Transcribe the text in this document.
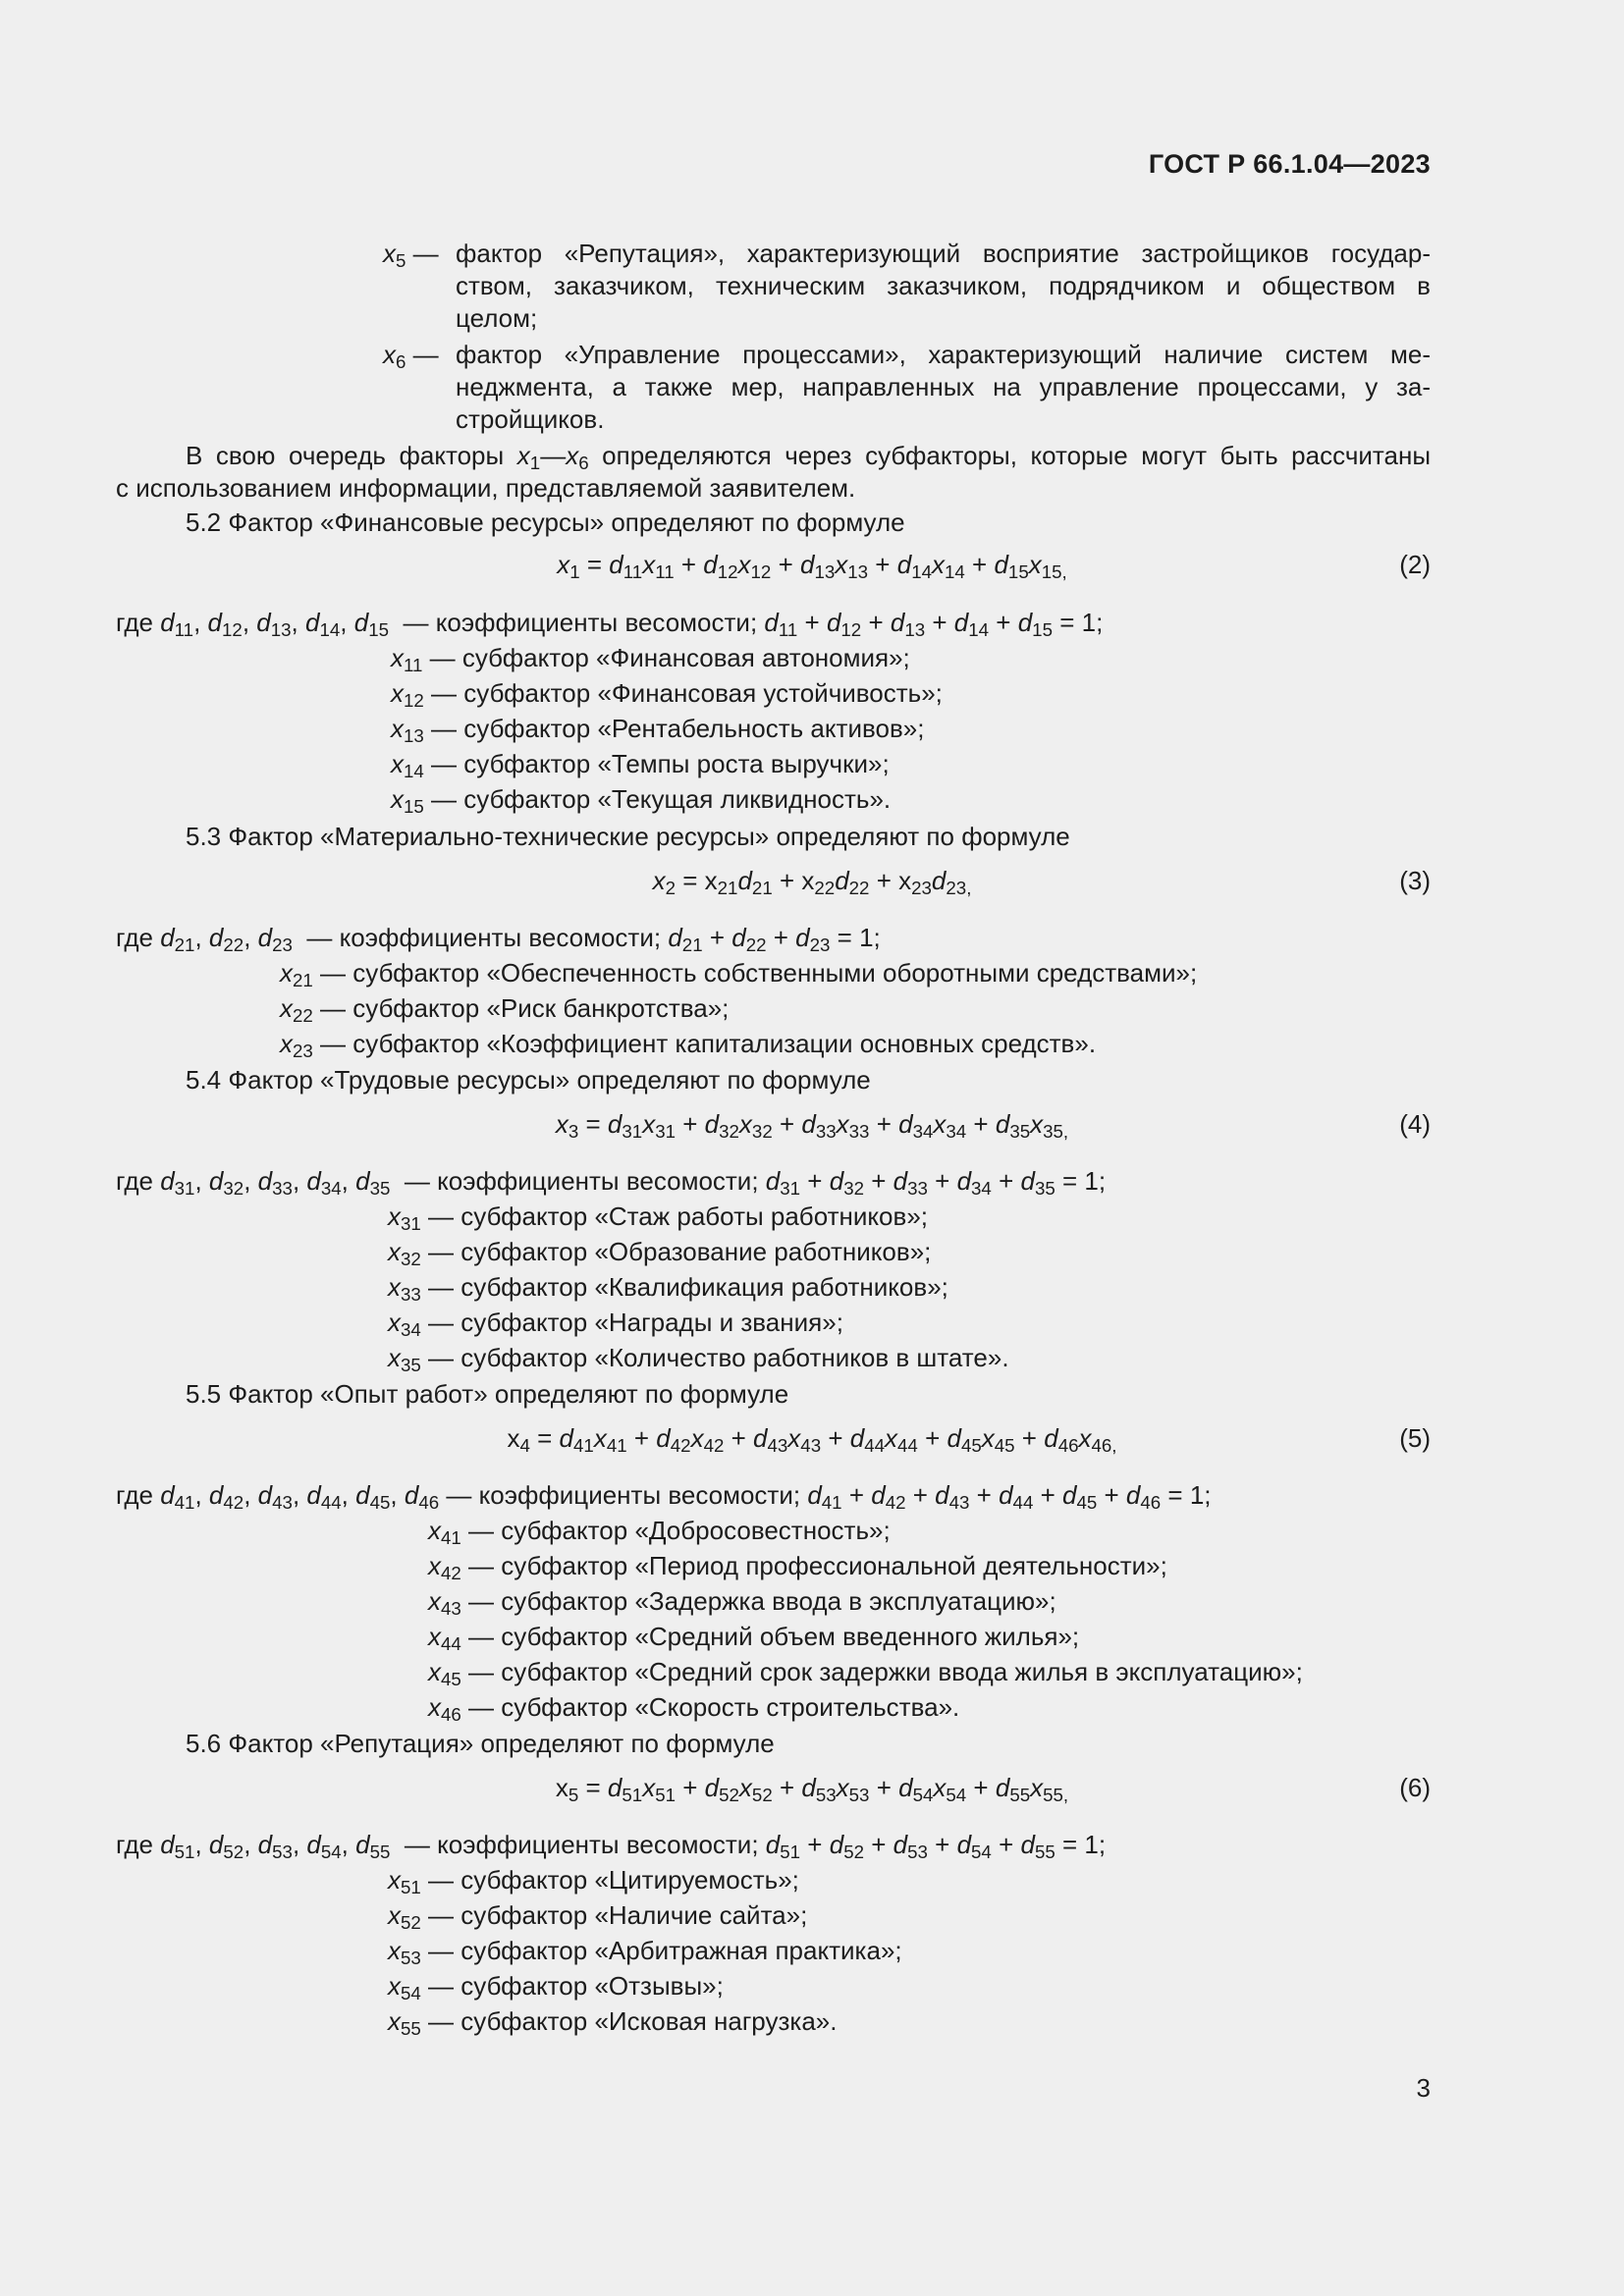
ГОСТ Р 66.1.04—2023
$x_5$ — фактор «Репутация», характеризующий восприятие застройщиков государ-
ством, заказчиком, техническим заказчиком, подрядчиком и обществом в
целом;
$x_6$ — фактор «Управление процессами», характеризующий наличие систем ме-
неджмента, а также мер, направленных на управление процессами, у за-
стройщиков.
В свою очередь факторы $x_1—x_6$ определяются через субфакторы, которые могут быть рассчитаны
с использованием информации, представляемой заявителем.
5.2 Фактор «Финансовые ресурсы» определяют по формуле
$x_1 = d_{11}x_{11} + d_{12}x_{12} + d_{13}x_{13} + d_{14}x_{14} + d_{15}x_{15,}$	(2)
где $d_{11}$, $d_{12}$, $d_{13}$, $d_{14}$, $d_{15}$ — коэффициенты весомости; $d_{11} + d_{12} + d_{13} + d_{14} + d_{15} = 1$;
$x_{11}$ — субфактор «Финансовая автономия»;
$x_{12}$ — субфактор «Финансовая устойчивость»;
$x_{13}$ — субфактор «Рентабельность активов»;
$x_{14}$ — субфактор «Темпы роста выручки»;
$x_{15}$ — субфактор «Текущая ликвидность».
5.3 Фактор «Материально-технические ресурсы» определяют по формуле
$x_2 = x_{21}d_{21} + x_{22}d_{22} + x_{23}d_{23,}$	(3)
где $d_{21}$, $d_{22}$, $d_{23}$ — коэффициенты весомости; $d_{21} + d_{22} + d_{23} = 1$;
$x_{21}$ — субфактор «Обеспеченность собственными оборотными средствами»;
$x_{22}$ — субфактор «Риск банкротства»;
$x_{23}$ — субфактор «Коэффициент капитализации основных средств».
5.4 Фактор «Трудовые ресурсы» определяют по формуле
$x_3 = d_{31}x_{31} + d_{32}x_{32} + d_{33}x_{33} + d_{34}x_{34} + d_{35}x_{35,}$	(4)
где $d_{31}$, $d_{32}$, $d_{33}$, $d_{34}$, $d_{35}$ — коэффициенты весомости; $d_{31} + d_{32} + d_{33} + d_{34} + d_{35} = 1$;
$x_{31}$ — субфактор «Стаж работы работников»;
$x_{32}$ — субфактор «Образование работников»;
$x_{33}$ — субфактор «Квалификация работников»;
$x_{34}$ — субфактор «Награды и звания»;
$x_{35}$ — субфактор «Количество работников в штате».
5.5 Фактор «Опыт работ» определяют по формуле
$x_4 = d_{41}x_{41} + d_{42}x_{42} + d_{43}x_{43} + d_{44}x_{44} + d_{45}x_{45} + d_{46}x_{46,}$	(5)
где $d_{41}$, $d_{42}$, $d_{43}$, $d_{44}$, $d_{45}$, $d_{46}$ — коэффициенты весомости; $d_{41} + d_{42} + d_{43} + d_{44} + d_{45} + d_{46} = 1$;
$x_{41}$ — субфактор «Добросовестность»;
$x_{42}$ — субфактор «Период профессиональной деятельности»;
$x_{43}$ — субфактор «Задержка ввода в эксплуатацию»;
$x_{44}$ — субфактор «Средний объем введенного жилья»;
$x_{45}$ — субфактор «Средний срок задержки ввода жилья в эксплуатацию»;
$x_{46}$ — субфактор «Скорость строительства».
5.6 Фактор «Репутация» определяют по формуле
$x_5 = d_{51}x_{51} + d_{52}x_{52} + d_{53}x_{53} + d_{54}x_{54} + d_{55}x_{55,}$	(6)
где $d_{51}$, $d_{52}$, $d_{53}$, $d_{54}$, $d_{55}$ — коэффициенты весомости; $d_{51} + d_{52} + d_{53} + d_{54} + d_{55} = 1$;
$x_{51}$ — субфактор «Цитируемость»;
$x_{52}$ — субфактор «Наличие сайта»;
$x_{53}$ — субфактор «Арбитражная практика»;
$x_{54}$ — субфактор «Отзывы»;
$x_{55}$ — субфактор «Исковая нагрузка».
3
